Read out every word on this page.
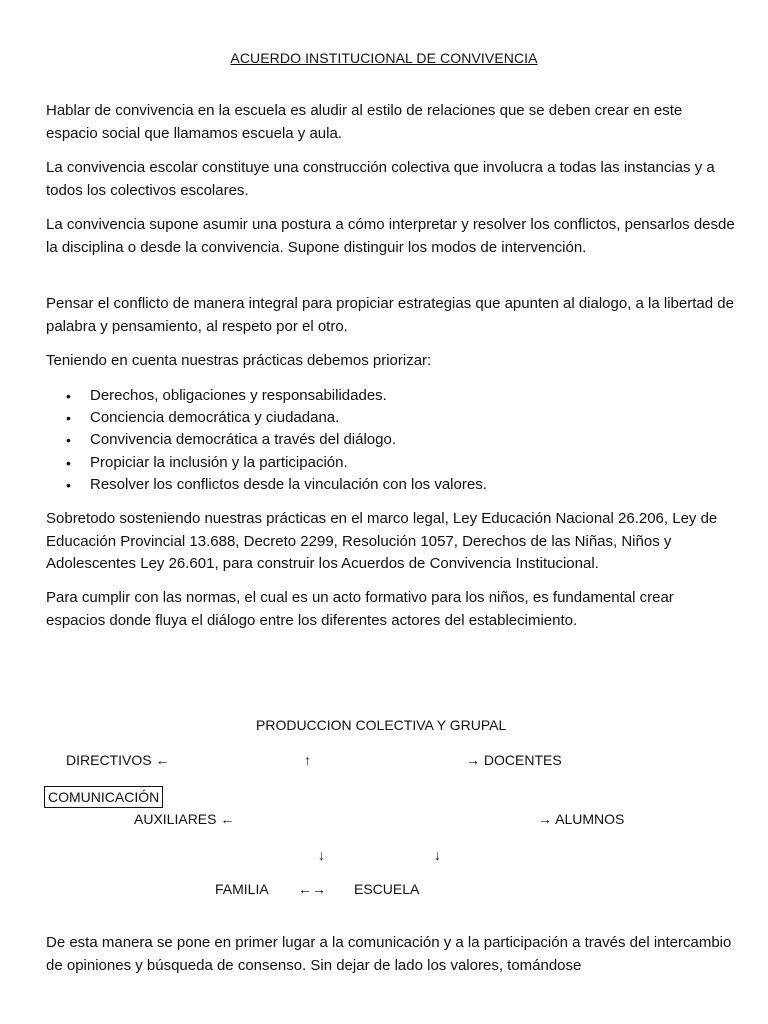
ACUERDO INSTITUCIONAL DE CONVIVENCIA

Hablar de convivencia en la escuela es aludir al estilo de relaciones que se deben crear en este espacio social que llamamos escuela y aula.

La convivencia escolar constituye una construcción colectiva que involucra a todas las instancias y a todos los colectivos escolares.

La convivencia supone asumir una postura a cómo interpretar y resolver los conflictos, pensarlos desde la disciplina o desde la convivencia. Supone distinguir los modos de intervención.

Pensar el conflicto de manera integral para propiciar estrategias que apunten al dialogo, a la libertad de palabra y pensamiento, al respeto por el otro.

Teniendo en cuenta nuestras prácticas debemos priorizar:

• Derechos, obligaciones y responsabilidades.
• Conciencia democrática y ciudadana.
• Convivencia democrática a través del diálogo.
• Propiciar la inclusión y la participación.
• Resolver los conflictos desde la vinculación con los valores.

Sobretodo sosteniendo nuestras prácticas en el marco legal, Ley Educación Nacional 26.206, Ley de Educación Provincial 13.688, Decreto 2299, Resolución 1057, Derechos de las Niñas, Niños y Adolescentes Ley 26.601, para construir los Acuerdos de Convivencia Institucional.

Para cumplir con las normas, el cual es un acto formativo para los niños, es fundamental crear espacios donde fluya el diálogo entre los diferentes actores del establecimiento.

PRODUCCION COLECTIVA Y GRUPAL
DIRECTIVOS ←	↑	→ DOCENTES
COMUNICACIÓN
AUXILIARES ←	→ ALUMNOS
↓	↓
FAMILIA ←→ ESCUELA

De esta manera se pone en primer lugar a la comunicación y a la participación a través del intercambio de opiniones y búsqueda de consenso. Sin dejar de lado los valores, tomándose
